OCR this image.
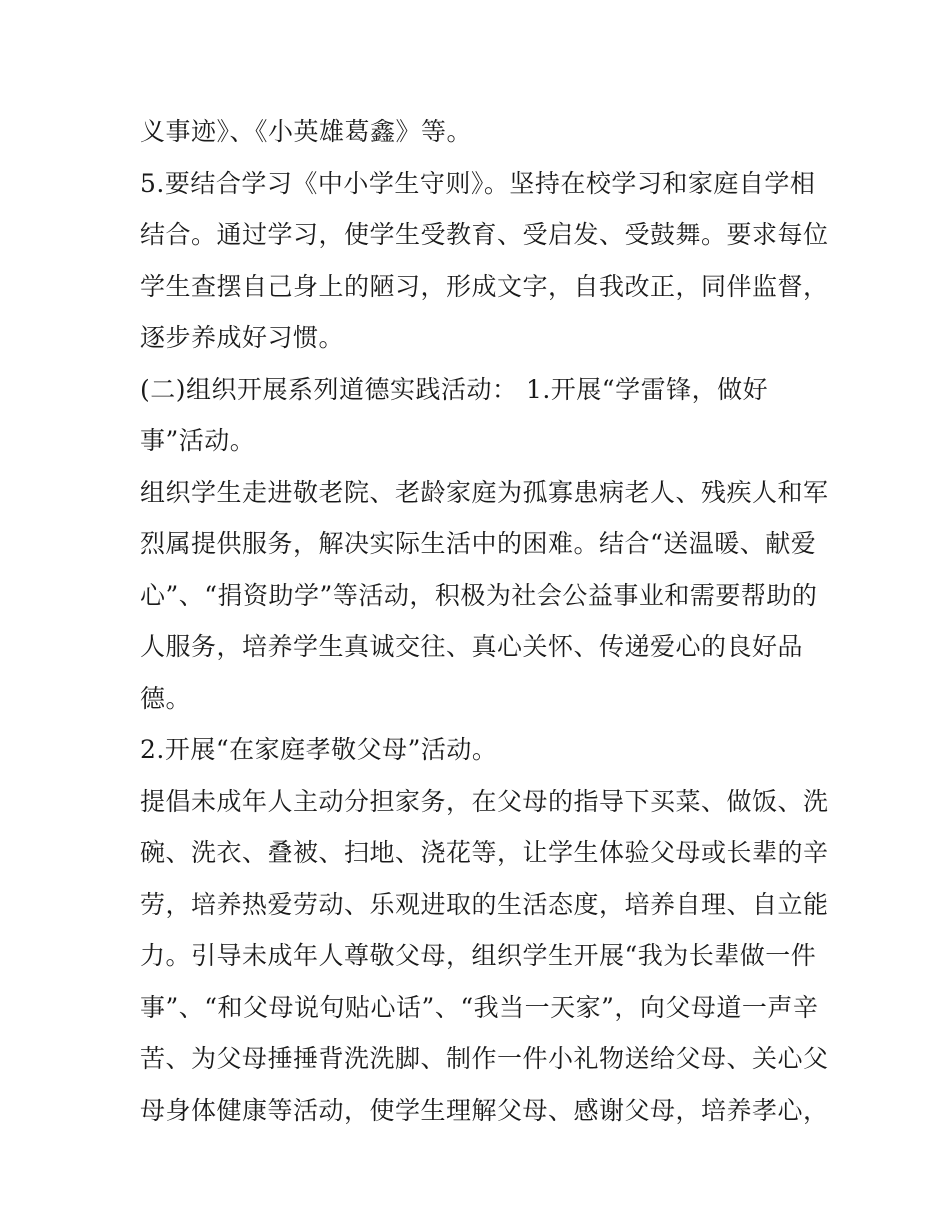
义事迹》、《小英雄葛鑫》等。

5.要结合学习《中小学生守则》。坚持在校学习和家庭自学相结合。通过学习，使学生受教育、受启发、受鼓舞。要求每位学生查摆自己身上的陋习，形成文字，自我改正，同伴监督，逐步养成好习惯。

(二)组织开展系列道德实践活动： 1.开展“学雷锋，做好事”活动。

组织学生走进敬老院、老龄家庭为孤寡患病老人、残疾人和军烈属提供服务，解决实际生活中的困难。结合“送温暖、献爱心”、“捐资助学”等活动，积极为社会公益事业和需要帮助的人服务，培养学生真诚交往、真心关怀、传递爱心的良好品德。

2.开展“在家庭孝敬父母”活动。

提倡未成年人主动分担家务，在父母的指导下买菜、做饭、洗碗、洗衣、叠被、扫地、浇花等，让学生体验父母或长辈的辛劳，培养热爱劳动、乐观进取的生活态度，培养自理、自立能力。引导未成年人尊敬父母，组织学生开展“我为长辈做一件事”、“和父母说句贴心话”、“我当一天家”，向父母道一声辛苦、为父母捶捶背洗洗脚、制作一件小礼物送给父母、关心父母身体健康等活动，使学生理解父母、感谢父母，培养孝心，
